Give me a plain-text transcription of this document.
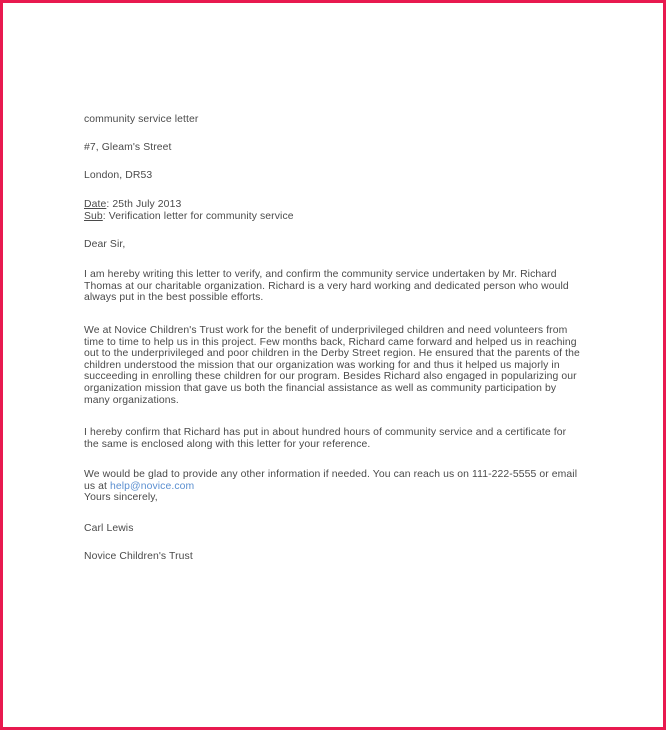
community service letter
#7, Gleam's Street
London, DR53
Date: 25th July 2013
Sub: Verification letter for community service
Dear Sir,
I am hereby writing this letter to verify, and confirm the community service undertaken by Mr. Richard Thomas at our charitable organization. Richard is a very hard working and dedicated person who would always put in the best possible efforts.
We at Novice Children's Trust work for the benefit of underprivileged children and need volunteers from time to time to help us in this project. Few months back, Richard came forward and helped us in reaching out to the underprivileged and poor children in the Derby Street region. He ensured that the parents of the children understood the mission that our organization was working for and thus it helped us majorly in succeeding in enrolling these children for our program. Besides Richard also engaged in popularizing our organization mission that gave us both the financial assistance as well as community participation by many organizations.
I hereby confirm that Richard has put in about hundred hours of community service and a certificate for the same is enclosed along with this letter for your reference.
We would be glad to provide any other information if needed. You can reach us on 111-222-5555 or email us at help@novice.com
Yours sincerely,
Carl Lewis
Novice Children's Trust
